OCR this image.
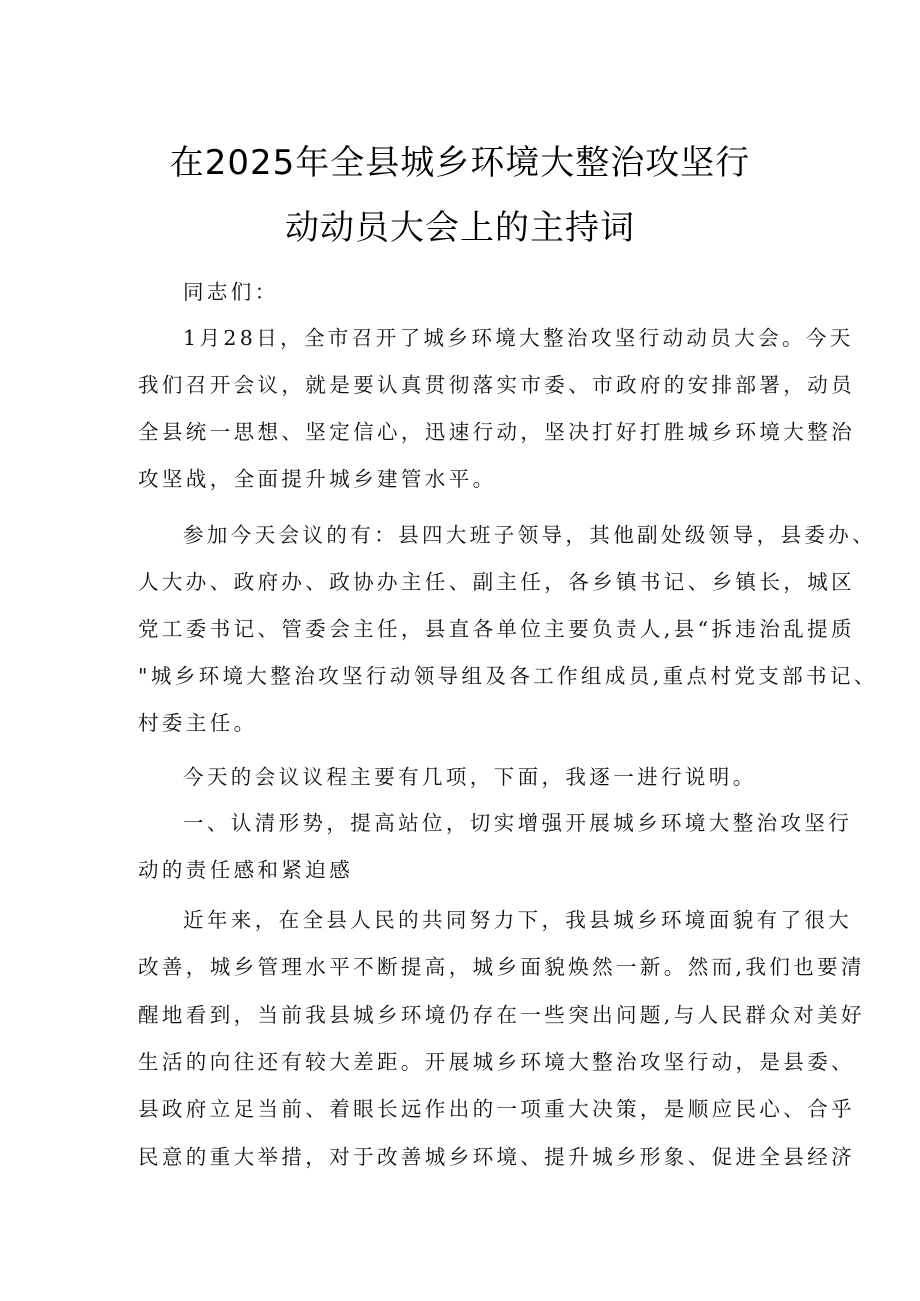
在2025年全县城乡环境大整治攻坚行
动动员大会上的主持词
同志们：
1月28日，全市召开了城乡环境大整治攻坚行动动员大会。今天
我们召开会议，就是要认真贯彻落实市委、市政府的安排部署，动员
全县统一思想、坚定信心，迅速行动，坚决打好打胜城乡环境大整治
攻坚战，全面提升城乡建管水平。
参加今天会议的有：县四大班子领导，其他副处级领导，县委办、
人大办、政府办、政协办主任、副主任，各乡镇书记、乡镇长，城区
党工委书记、管委会主任，县直各单位主要负责人,县“拆违治乱提质
"城乡环境大整治攻坚行动领导组及各工作组成员,重点村党支部书记、
村委主任。
今天的会议议程主要有几项，下面，我逐一进行说明。
一、认清形势，提高站位，切实增强开展城乡环境大整治攻坚行
动的责任感和紧迫感
近年来，在全县人民的共同努力下，我县城乡环境面貌有了很大
改善，城乡管理水平不断提高，城乡面貌焕然一新。然而,我们也要清
醒地看到，当前我县城乡环境仍存在一些突出问题,与人民群众对美好
生活的向往还有较大差距。开展城乡环境大整治攻坚行动，是县委、
县政府立足当前、着眼长远作出的一项重大决策，是顺应民心、合乎
民意的重大举措，对于改善城乡环境、提升城乡形象、促进全县经济
